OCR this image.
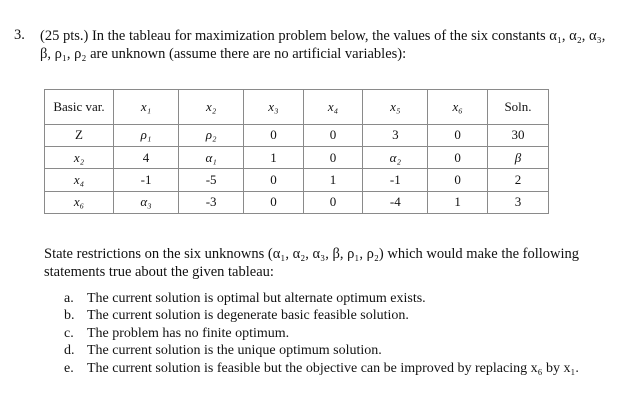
3. (25 pts.) In the tableau for maximization problem below, the values of the six constants α₁, α₂, α₃,
β, ρ₁, ρ₂ are unknown (assume there are no artificial variables):
Basic var.	x₁	x₂	x₃	x₄	x₅	x₆	Soln.
Z	ρ₁	ρ₂	0	0	3	0	30
x₂	4	α₁	1	0	α₂	0	β
x₄	-1	-5	0	1	-1	0	2
x₆	α₃	-3	0	0	-4	1	3
State restrictions on the six unknowns (α₁, α₂, α₃, β, ρ₁, ρ₂) which would make the following
statements true about the given tableau:
a. The current solution is optimal but alternate optimum exists.
b. The current solution is degenerate basic feasible solution.
c. The problem has no finite optimum.
d. The current solution is the unique optimum solution.
e. The current solution is feasible but the objective can be improved by replacing x₆ by x₁.
